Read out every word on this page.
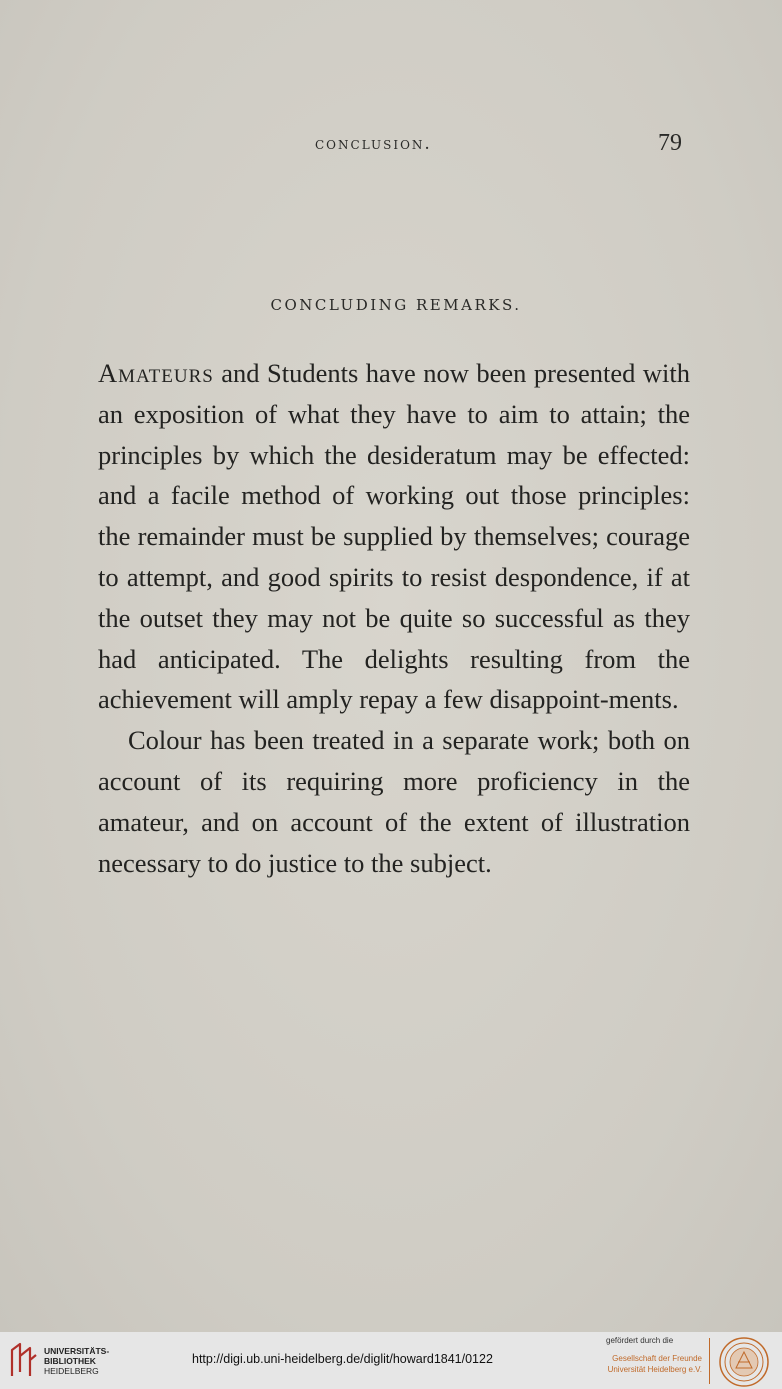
conclusion.	79
CONCLUDING REMARKS.

Amateurs and Students have now been presented with an exposition of what they have to aim to attain; the principles by which the desideratum may be effected: and a facile method of working out those principles: the remainder must be supplied by themselves; courage to attempt, and good spirits to resist despondence, if at the outset they may not be quite so successful as they had anticipated. The delights resulting from the achievement will amply repay a few disappoint-ments.

Colour has been treated in a separate work; both on account of its requiring more proficiency in the amateur, and on account of the extent of illustration necessary to do justice to the subject.

UNIVERSITÄTS-
BIBLIOTHEK
HEIDELBERG
http://digi.ub.uni-heidelberg.de/diglit/howard1841/0122
gefördert durch die
Gesellschaft der Freunde
Universität Heidelberg e.V.
